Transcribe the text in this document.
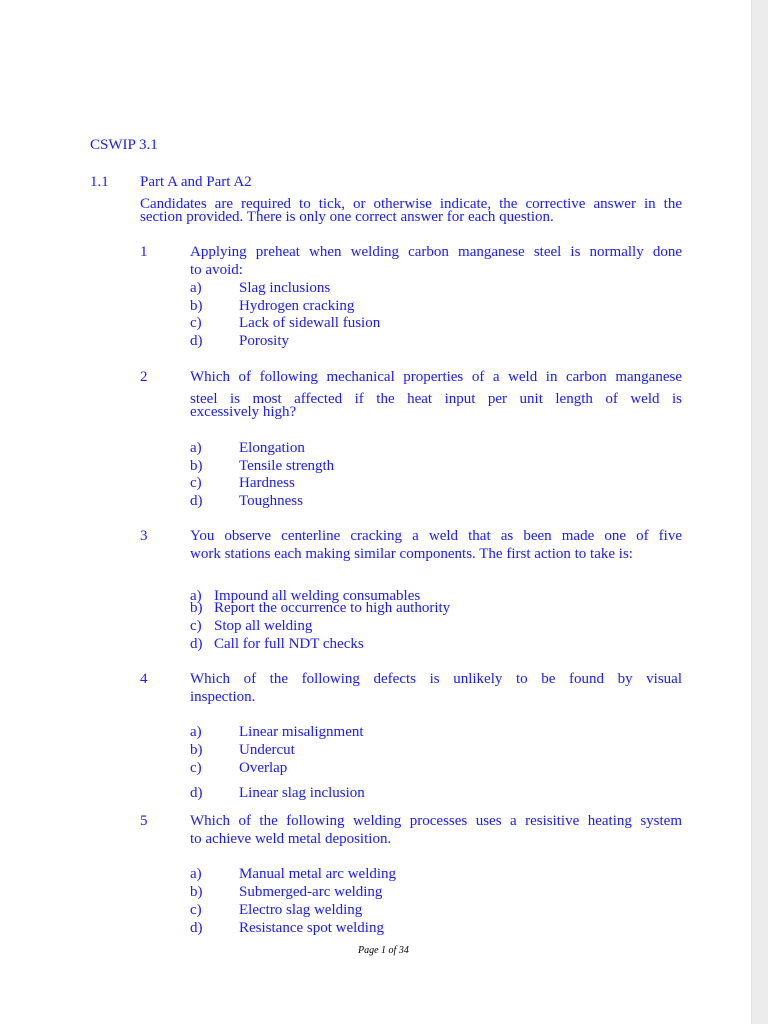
CSWIP 3.1
1.1 Part A and Part A2
Candidates are required to tick, or otherwise indicate, the corrective answer in the
section provided. There is only one correct answer for each question.
1	Applying preheat when welding carbon manganese steel is normally done
to avoid:
a) Slag inclusions
b) Hydrogen cracking
c) Lack of sidewall fusion
d) Porosity
2	Which of following mechanical properties of a weld in carbon manganese
steel is most affected if the heat input per unit length of weld is
excessively high?
a) Elongation
b) Tensile strength
c) Hardness
d) Toughness
3	You observe centerline cracking a weld that as been made one of five
work stations each making similar components. The first action to take is:
a) Impound all welding consumables
b) Report the occurrence to high authority
c) Stop all welding
d) Call for full NDT checks
4	Which of the following defects is unlikely to be found by visual
inspection.
a) Linear misalignment
b) Undercut
c) Overlap
d) Linear slag inclusion
5	Which of the following welding processes uses a resisitive heating system
to achieve weld metal deposition.
a) Manual metal arc welding
b) Submerged-arc welding
c) Electro slag welding
d) Resistance spot welding
Page 1 of 34
